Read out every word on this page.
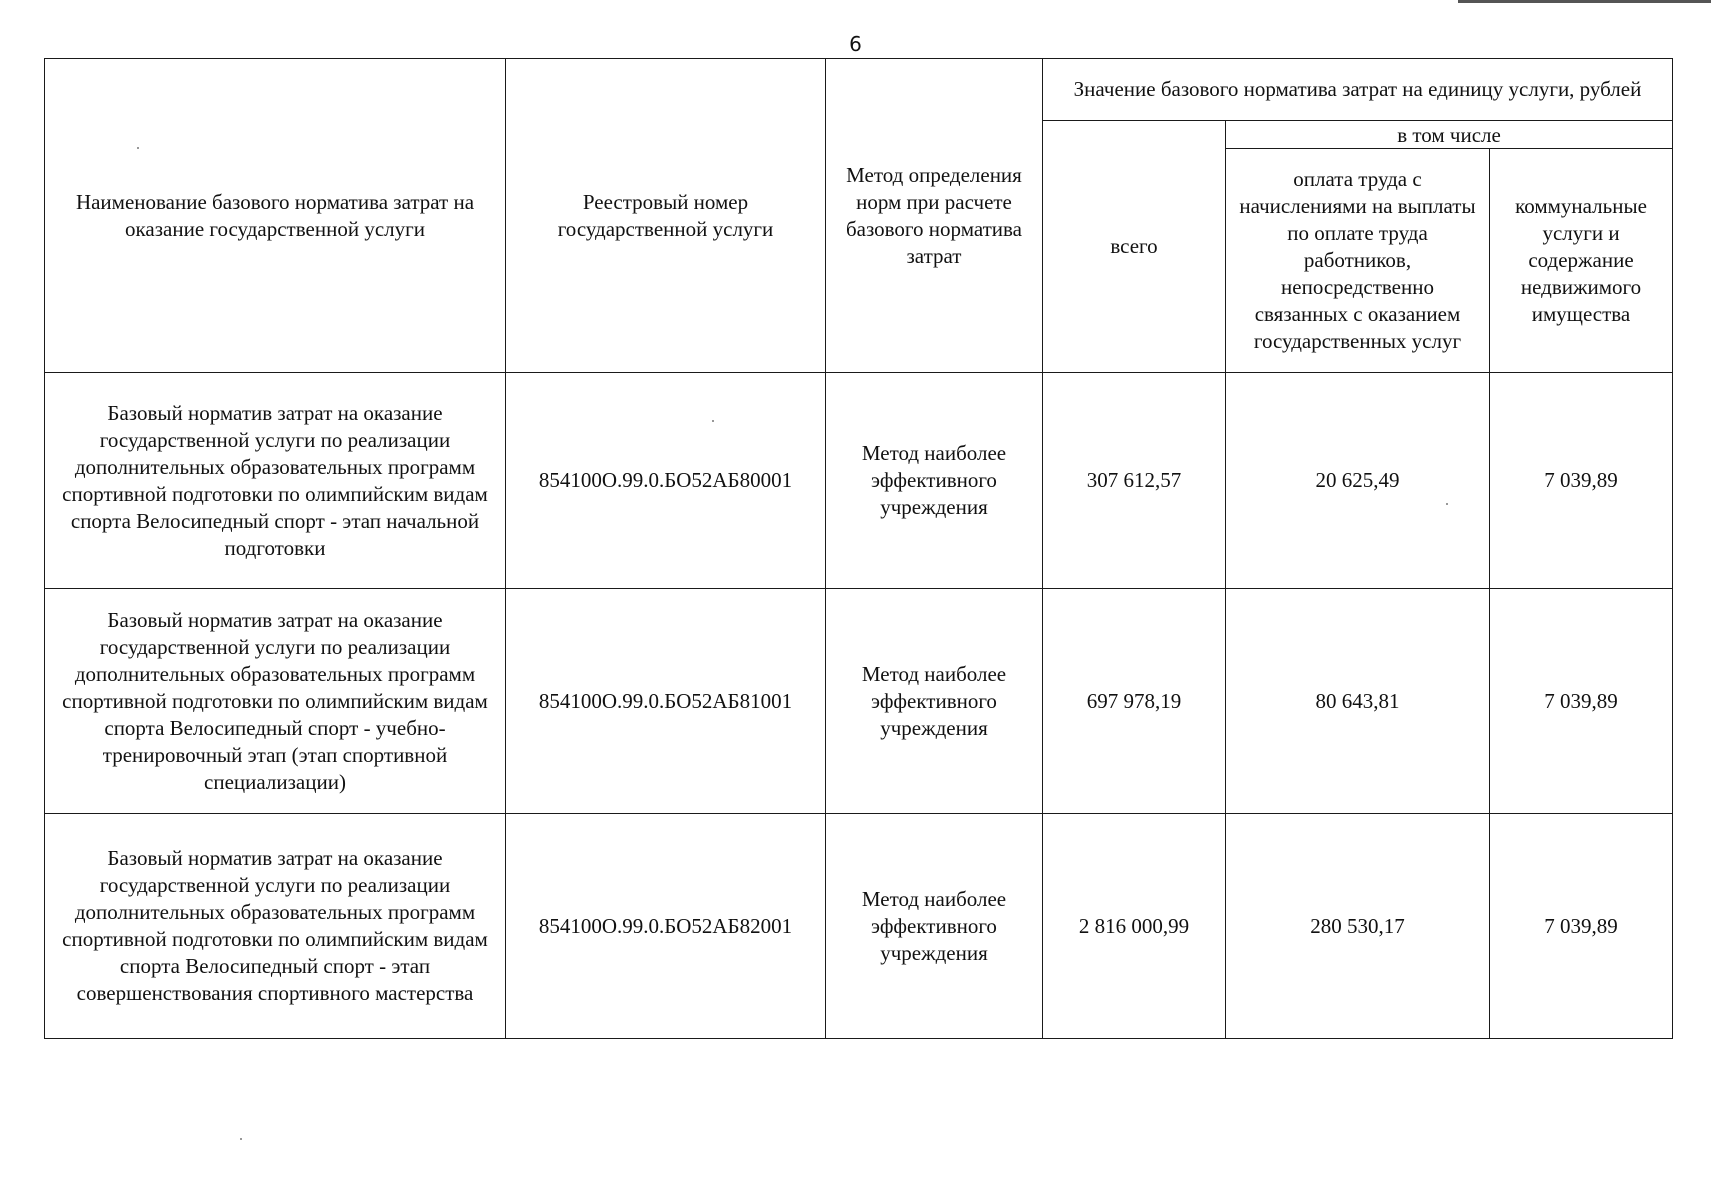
6
Наименование базового норматива затрат на оказание государственной услуги	Реестровый номер государственной услуги	Метод определения норм при расчете базового норматива затрат	Значение базового норматива затрат на единицу услуги, рублей		
			всего	в том числе	
				оплата труда с начислениями на выплаты по оплате труда работников, непосредственно связанных с оказанием государственных услуг	коммунальные услуги и содержание недвижимого имущества
Базовый норматив затрат на оказание государственной услуги по реализации дополнительных образовательных программ спортивной подготовки по олимпийским видам спорта Велосипедный спорт - этап начальной подготовки	854100О.99.0.БО52АБ80001	Метод наиболее эффективного учреждения	307 612,57	20 625,49	7 039,89
Базовый норматив затрат на оказание государственной услуги по реализации дополнительных образовательных программ спортивной подготовки по олимпийским видам спорта Велосипедный спорт - учебно-тренировочный этап (этап спортивной специализации)	854100О.99.0.БО52АБ81001	Метод наиболее эффективного учреждения	697 978,19	80 643,81	7 039,89
Базовый норматив затрат на оказание государственной услуги по реализации дополнительных образовательных программ спортивной подготовки по олимпийским видам спорта Велосипедный спорт - этап совершенствования спортивного мастерства	854100О.99.0.БО52АБ82001	Метод наиболее эффективного учреждения	2 816 000,99	280 530,17	7 039,89
